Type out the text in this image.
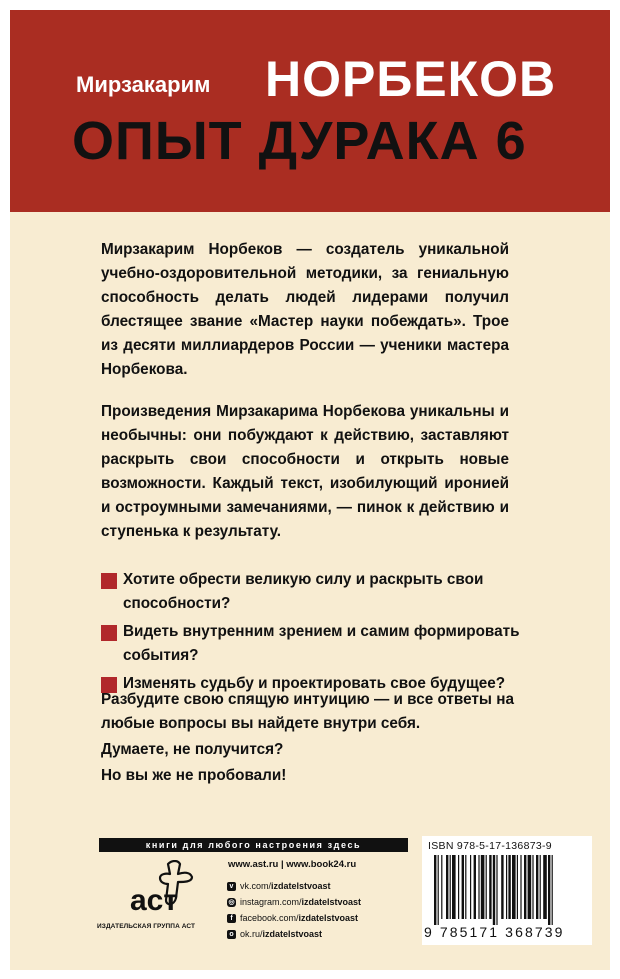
Мирзакарим НОРБЕКОВ
ОПЫТ ДУРАКА 6
Мирзакарим Норбеков — создатель уникальной учебно-оздоровительной методики, за гениальную способность делать людей лидерами получил блестящее звание «Мастер науки побеждать». Трое из десяти миллиардеров России — ученики мастера Норбекова.
Произведения Мирзакарима Норбекова уникальны и необычны: они побуждают к действию, заставляют раскрыть свои способности и открыть новые возможности. Каждый текст, изобилующий иронией и остроумными замечаниями, — пинок к действию и ступенька к результату.
Хотите обрести великую силу и раскрыть свои способности?
Видеть внутренним зрением и самим формировать события?
Изменять судьбу и проектировать свое будущее?
Разбудите свою спящую интуицию — и все ответы на любые вопросы вы найдете внутри себя.
Думаете, не получится?
Но вы же не пробовали!
книги для любого настроения здесь
аст
ИЗДАТЕЛЬСКАЯ ГРУППА АСТ
www.ast.ru | www.book24.ru
v vk.com/ izdatelstvoast
◎ instagram.com/ izdatelstvoast
f facebook.com/ izdatelstvoast
o ok.ru/ izdatelstvoast
ISBN 978-5-17-136873-9
9 785171 368739
